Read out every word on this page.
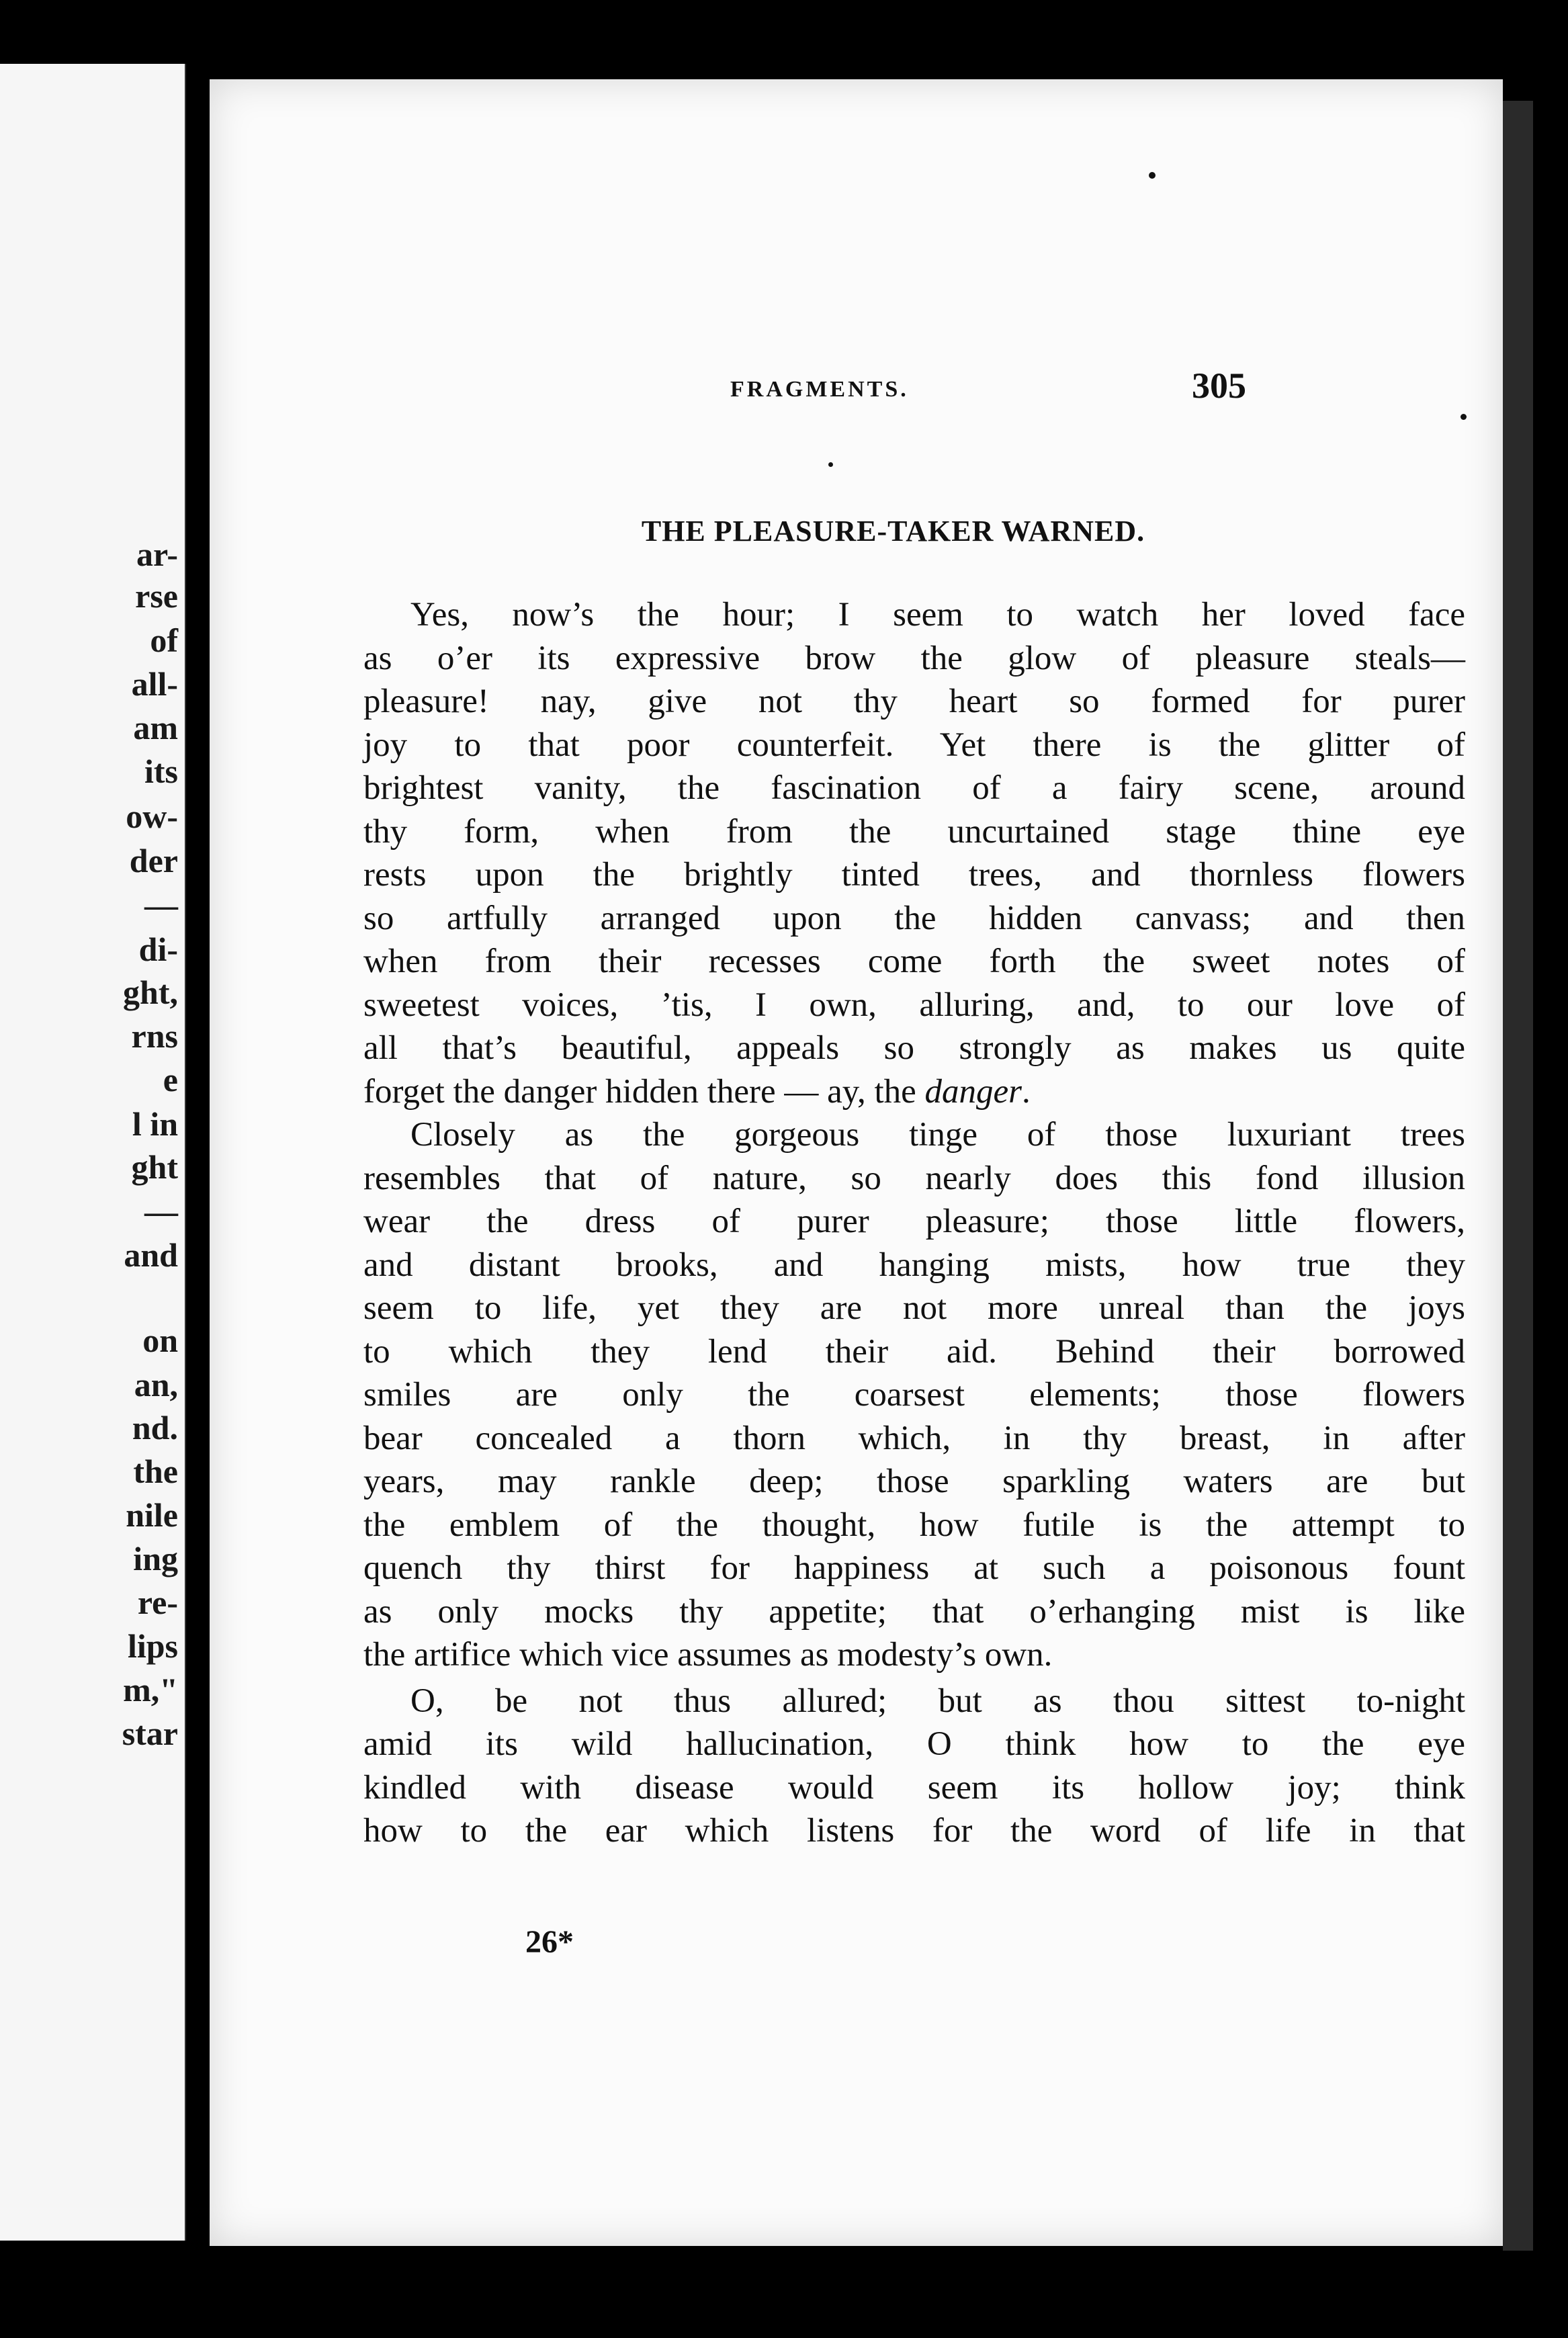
ar-
rse
of
all-
am
its
ow-
der
—
di-
ght,
rns
e
l in
ght
—
and
on
an,
nd.
the
nile
ing
re-
lips
m,"
star
FRAGMENTS.	305
THE PLEASURE-TAKER WARNED.
Yes, now’s the hour; I seem to watch her loved face
as o’er its expressive brow the glow of pleasure steals—
pleasure! nay, give not thy heart so formed for purer
joy to that poor counterfeit. Yet there is the glitter of
brightest vanity, the fascination of a fairy scene, around
thy form, when from the uncurtained stage thine eye
rests upon the brightly tinted trees, and thornless flowers
so artfully arranged upon the hidden canvass; and then
when from their recesses come forth the sweet notes of
sweetest voices, ’tis, I own, alluring, and, to our love of
all that’s beautiful, appeals so strongly as makes us quite
forget the danger hidden there — ay, the danger.
Closely as the gorgeous tinge of those luxuriant trees
resembles that of nature, so nearly does this fond illusion
wear the dress of purer pleasure; those little flowers,
and distant brooks, and hanging mists, how true they
seem to life, yet they are not more unreal than the joys
to which they lend their aid. Behind their borrowed
smiles are only the coarsest elements; those flowers
bear concealed a thorn which, in thy breast, in after
years, may rankle deep; those sparkling waters are but
the emblem of the thought, how futile is the attempt to
quench thy thirst for happiness at such a poisonous fount
as only mocks thy appetite; that o’erhanging mist is like
the artifice which vice assumes as modesty’s own.
O, be not thus allured; but as thou sittest to-night
amid its wild hallucination, O think how to the eye
kindled with disease would seem its hollow joy; think
how to the ear which listens for the word of life in that
26*
